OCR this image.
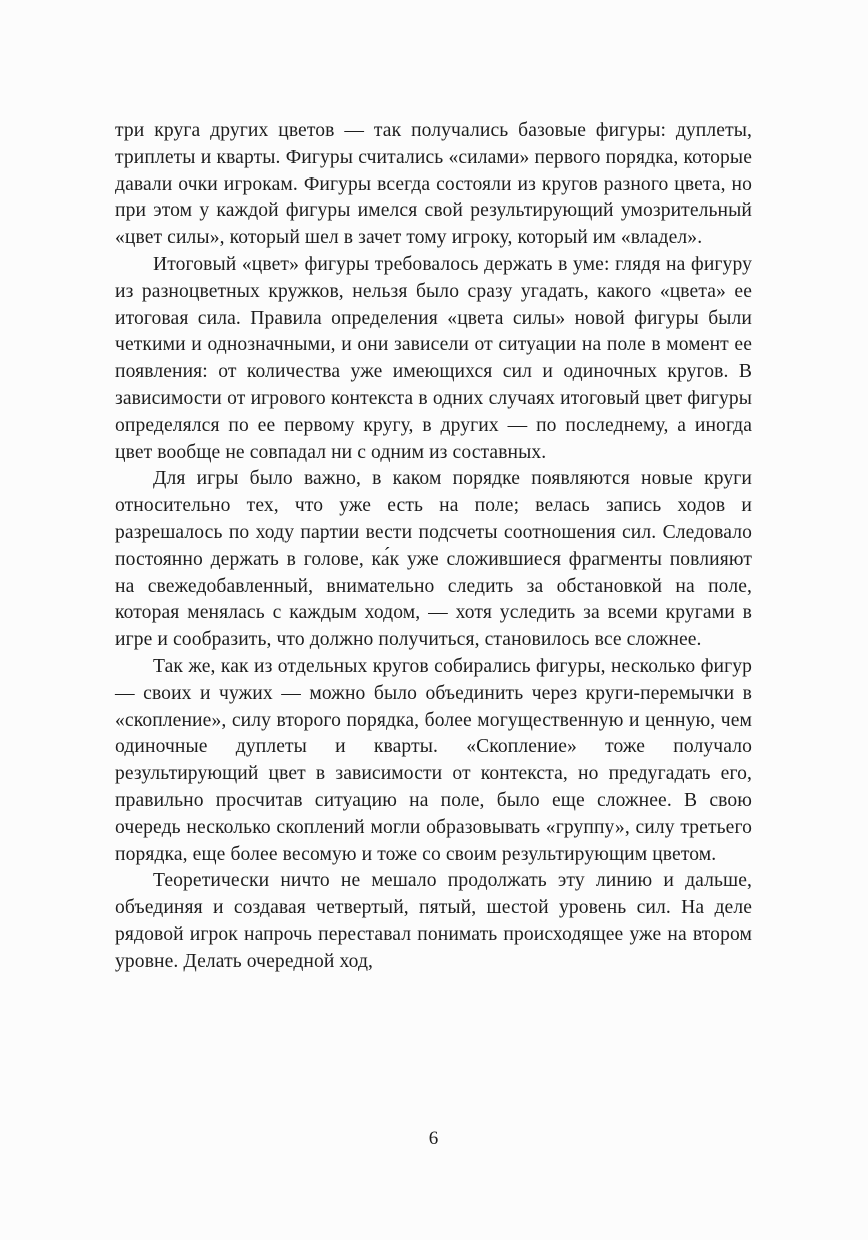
три круга других цветов — так получались базовые фигуры: дуплеты, триплеты и кварты. Фигуры считались «силами» первого порядка, которые давали очки игрокам. Фигуры всегда состояли из кругов разного цвета, но при этом у каждой фигуры имелся свой результирующий умозрительный «цвет силы», который шел в зачет тому игроку, который им «владел».

Итоговый «цвет» фигуры требовалось держать в уме: глядя на фигуру из разноцветных кружков, нельзя было сразу угадать, какого «цвета» ее итоговая сила. Правила определения «цвета силы» новой фигуры были четкими и однозначными, и они зависели от ситуации на поле в момент ее появления: от количества уже имеющихся сил и одиночных кругов. В зависимости от игрового контекста в одних случаях итоговый цвет фигуры определялся по ее первому кругу, в других — по последнему, а иногда цвет вообще не совпадал ни с одним из составных.

Для игры было важно, в каком порядке появляются новые круги относительно тех, что уже есть на поле; велась запись ходов и разрешалось по ходу партии вести подсчеты соотношения сил. Следовало постоянно держать в голове, ка́к уже сложившиеся фрагменты повлияют на свежедобавленный, внимательно следить за обстановкой на поле, которая менялась с каждым ходом, — хотя уследить за всеми кругами в игре и сообразить, что должно получиться, становилось все сложнее.

Так же, как из отдельных кругов собирались фигуры, несколько фигур — своих и чужих — можно было объединить через круги-перемычки в «скопление», силу второго порядка, более могущественную и ценную, чем одиночные дуплеты и кварты. «Скопление» тоже получало результирующий цвет в зависимости от контекста, но предугадать его, правильно просчитав ситуацию на поле, было еще сложнее. В свою очередь несколько скоплений могли образовывать «группу», силу третьего порядка, еще более весомую и тоже со своим результирующим цветом.

Теоретически ничто не мешало продолжать эту линию и дальше, объединяя и создавая четвертый, пятый, шестой уровень сил. На деле рядовой игрок напрочь переставал понимать происходящее уже на втором уровне. Делать очередной ход,

6
